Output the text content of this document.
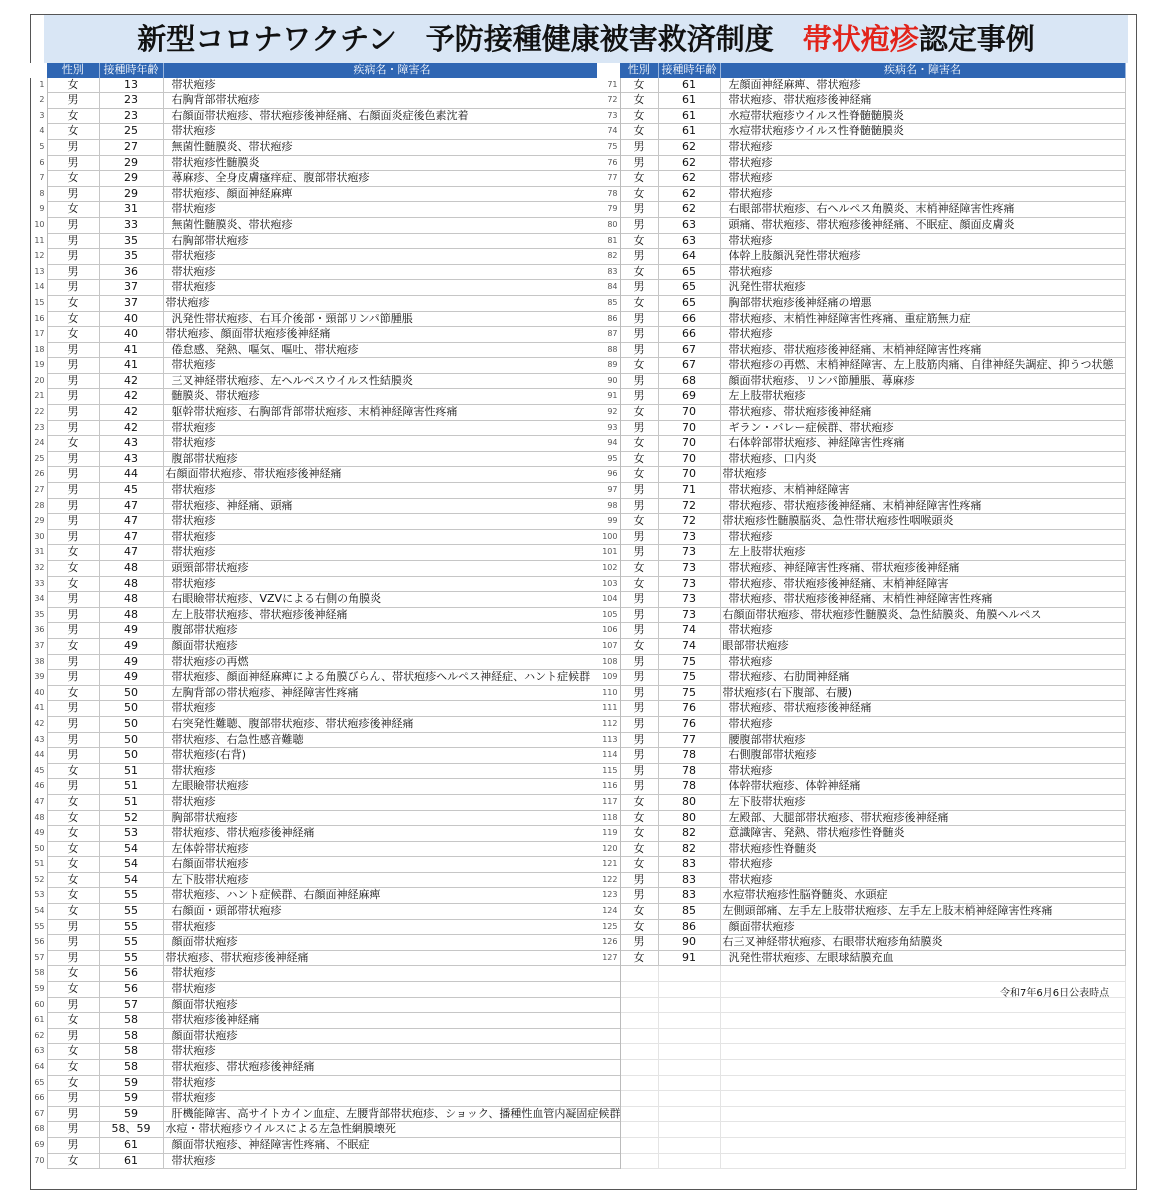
新型コロナワクチン　予防接種健康被害救済制度　帯状疱疹認定事例
	性別	接種時年齢	疾病名・障害名
1	女	13	帯状疱疹
2	男	23	右胸背部帯状疱疹
3	女	23	右顔面帯状疱疹、帯状疱疹後神経痛、右顔面炎症後色素沈着
4	女	25	帯状疱疹
5	男	27	無菌性髄膜炎、帯状疱疹
6	男	29	帯状疱疹性髄膜炎
7	女	29	蕁麻疹、全身皮膚瘙痒症、腹部帯状疱疹
8	男	29	帯状疱疹、顔面神経麻痺
9	女	31	帯状疱疹
10	男	33	無菌性髄膜炎、帯状疱疹
11	男	35	右胸部帯状疱疹
12	男	35	帯状疱疹
13	男	36	帯状疱疹
14	男	37	帯状疱疹
15	女	37	帯状疱疹
16	女	40	汎発性帯状疱疹、右耳介後部・頸部リンパ節腫脹
17	女	40	帯状疱疹、顔面帯状疱疹後神経痛
18	男	41	倦怠感、発熱、嘔気、嘔吐、帯状疱疹
19	男	41	帯状疱疹
20	男	42	三叉神経帯状疱疹、左ヘルペスウイルス性結膜炎
21	男	42	髄膜炎、帯状疱疹
22	男	42	躯幹帯状疱疹、右胸部背部帯状疱疹、末梢神経障害性疼痛
23	男	42	帯状疱疹
24	女	43	帯状疱疹
25	男	43	腹部帯状疱疹
26	男	44	右顔面帯状疱疹、帯状疱疹後神経痛
27	男	45	帯状疱疹
28	男	47	帯状疱疹、神経痛、頭痛
29	男	47	帯状疱疹
30	男	47	帯状疱疹
31	女	47	帯状疱疹
32	女	48	頭頸部帯状疱疹
33	女	48	帯状疱疹
34	男	48	右眼瞼帯状疱疹、VZVによる右側の角膜炎
35	男	48	左上肢帯状疱疹、帯状疱疹後神経痛
36	男	49	腹部帯状疱疹
37	女	49	顔面帯状疱疹
38	男	49	帯状疱疹の再燃
39	男	49	帯状疱疹、顔面神経麻痺による角膜びらん、帯状疱疹ヘルペス神経症、ハント症候群
40	女	50	左胸背部の帯状疱疹、神経障害性疼痛
41	男	50	帯状疱疹
42	男	50	右突発性難聴、腹部帯状疱疹、帯状疱疹後神経痛
43	男	50	帯状疱疹、右急性感音難聴
44	男	50	帯状疱疹(右背)
45	女	51	帯状疱疹
46	男	51	左眼瞼帯状疱疹
47	女	51	帯状疱疹
48	女	52	胸部帯状疱疹
49	女	53	帯状疱疹、帯状疱疹後神経痛
50	女	54	左体幹帯状疱疹
51	女	54	右顔面帯状疱疹
52	女	54	左下肢帯状疱疹
53	女	55	帯状疱疹、ハント症候群、右顔面神経麻痺
54	女	55	右顔面・頭部帯状疱疹
55	男	55	帯状疱疹
56	男	55	顔面帯状疱疹
57	男	55	帯状疱疹、帯状疱疹後神経痛
58	女	56	帯状疱疹
59	女	56	帯状疱疹
60	男	57	顔面帯状疱疹
61	女	58	帯状疱疹後神経痛
62	男	58	顔面帯状疱疹
63	女	58	帯状疱疹
64	女	58	帯状疱疹、帯状疱疹後神経痛
65	女	59	帯状疱疹
66	男	59	帯状疱疹
67	男	59	肝機能障害、高サイトカイン血症、左腰背部帯状疱疹、ショック、播種性血管内凝固症候群
68	男	58、59	水痘・帯状疱疹ウイルスによる左急性網膜壊死
69	男	61	顔面帯状疱疹、神経障害性疼痛、不眠症
70	女	61	帯状疱疹
	性別	接種時年齢	疾病名・障害名
71	女	61	左顔面神経麻痺、帯状疱疹
72	女	61	帯状疱疹、帯状疱疹後神経痛
73	女	61	水痘帯状疱疹ウイルス性脊髄髄膜炎
74	女	61	水痘帯状疱疹ウイルス性脊髄髄膜炎
75	男	62	帯状疱疹
76	男	62	帯状疱疹
77	女	62	帯状疱疹
78	女	62	帯状疱疹
79	男	62	右眼部帯状疱疹、右ヘルペス角膜炎、末梢神経障害性疼痛
80	男	63	頭痛、帯状疱疹、帯状疱疹後神経痛、不眠症、顔面皮膚炎
81	女	63	帯状疱疹
82	男	64	体幹上肢顔汎発性帯状疱疹
83	女	65	帯状疱疹
84	男	65	汎発性帯状疱疹
85	女	65	胸部帯状疱疹後神経痛の増悪
86	男	66	帯状疱疹、末梢性神経障害性疼痛、重症筋無力症
87	男	66	帯状疱疹
88	男	67	帯状疱疹、帯状疱疹後神経痛、末梢神経障害性疼痛
89	女	67	帯状疱疹の再燃、末梢神経障害、左上肢筋肉痛、自律神経失調症、抑うつ状態
90	男	68	顔面帯状疱疹、リンパ節腫脹、蕁麻疹
91	男	69	左上肢帯状疱疹
92	女	70	帯状疱疹、帯状疱疹後神経痛
93	男	70	ギラン・バレー症候群、帯状疱疹
94	女	70	右体幹部帯状疱疹、神経障害性疼痛
95	女	70	帯状疱疹、口内炎
96	女	70	帯状疱疹
97	男	71	帯状疱疹、末梢神経障害
98	男	72	帯状疱疹、帯状疱疹後神経痛、末梢神経障害性疼痛
99	女	72	帯状疱疹性髄膜脳炎、急性帯状疱疹性咽喉頭炎
100	男	73	帯状疱疹
101	男	73	左上肢帯状疱疹
102	女	73	帯状疱疹、神経障害性疼痛、帯状疱疹後神経痛
103	女	73	帯状疱疹、帯状疱疹後神経痛、末梢神経障害
104	男	73	帯状疱疹、帯状疱疹後神経痛、末梢性神経障害性疼痛
105	男	73	右顔面帯状疱疹、帯状疱疹性髄膜炎、急性結膜炎、角膜ヘルペス
106	男	74	帯状疱疹
107	女	74	眼部帯状疱疹
108	男	75	帯状疱疹
109	男	75	帯状疱疹、右肋間神経痛
110	男	75	帯状疱疹(右下腹部、右腰)
111	男	76	帯状疱疹、帯状疱疹後神経痛
112	男	76	帯状疱疹
113	男	77	腰腹部帯状疱疹
114	男	78	右側腹部帯状疱疹
115	男	78	帯状疱疹
116	男	78	体幹帯状疱疹、体幹神経痛
117	女	80	左下肢帯状疱疹
118	女	80	左殿部、大腿部帯状疱疹、帯状疱疹後神経痛
119	女	82	意識障害、発熱、帯状疱疹性脊髄炎
120	女	82	帯状疱疹性脊髄炎
121	女	83	帯状疱疹
122	男	83	帯状疱疹
123	男	83	水痘帯状疱疹性脳脊髄炎、水頭症
124	女	85	左側頭部痛、左手左上肢帯状疱疹、左手左上肢末梢神経障害性疼痛
125	女	86	顔面帯状疱疹
126	男	90	右三叉神経帯状疱疹、右眼帯状疱疹角結膜炎
127	女	91	汎発性帯状疱疹、左眼球結膜充血

令和7年6月6日公表時点
